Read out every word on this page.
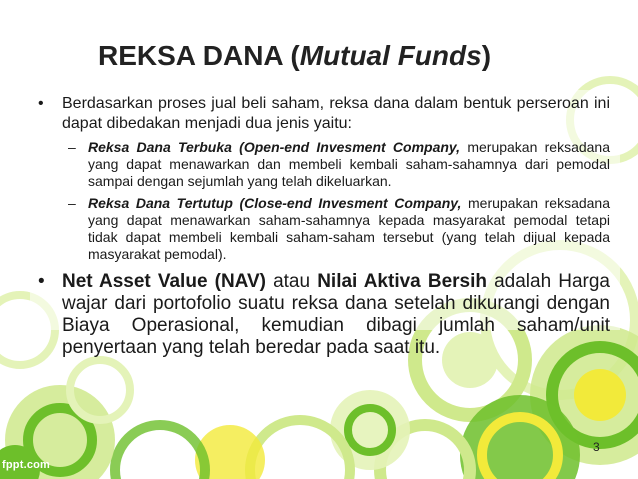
REKSA DANA (Mutual Funds)
• Berdasarkan proses jual beli saham, reksa dana dalam bentuk perseroan ini dapat dibedakan menjadi dua jenis yaitu:
– Reksa Dana Terbuka (Open-end Invesment Company, merupakan reksadana yang dapat menawarkan dan membeli kembali saham-sahamnya dari pemodal sampai dengan sejumlah yang telah dikeluarkan.
– Reksa Dana Tertutup (Close-end Invesment Company, merupakan reksadana yang dapat menawarkan saham-sahamnya kepada masyarakat pemodal tetapi tidak dapat membeli kembali saham-saham tersebut (yang telah dijual kepada masyarakat pemodal).
• Net Asset Value (NAV) atau Nilai Aktiva Bersih adalah Harga wajar dari portofolio suatu reksa dana setelah dikurangi dengan Biaya Operasional, kemudian dibagi jumlah saham/unit penyertaan yang telah beredar pada saat itu.
3
fppt.com
